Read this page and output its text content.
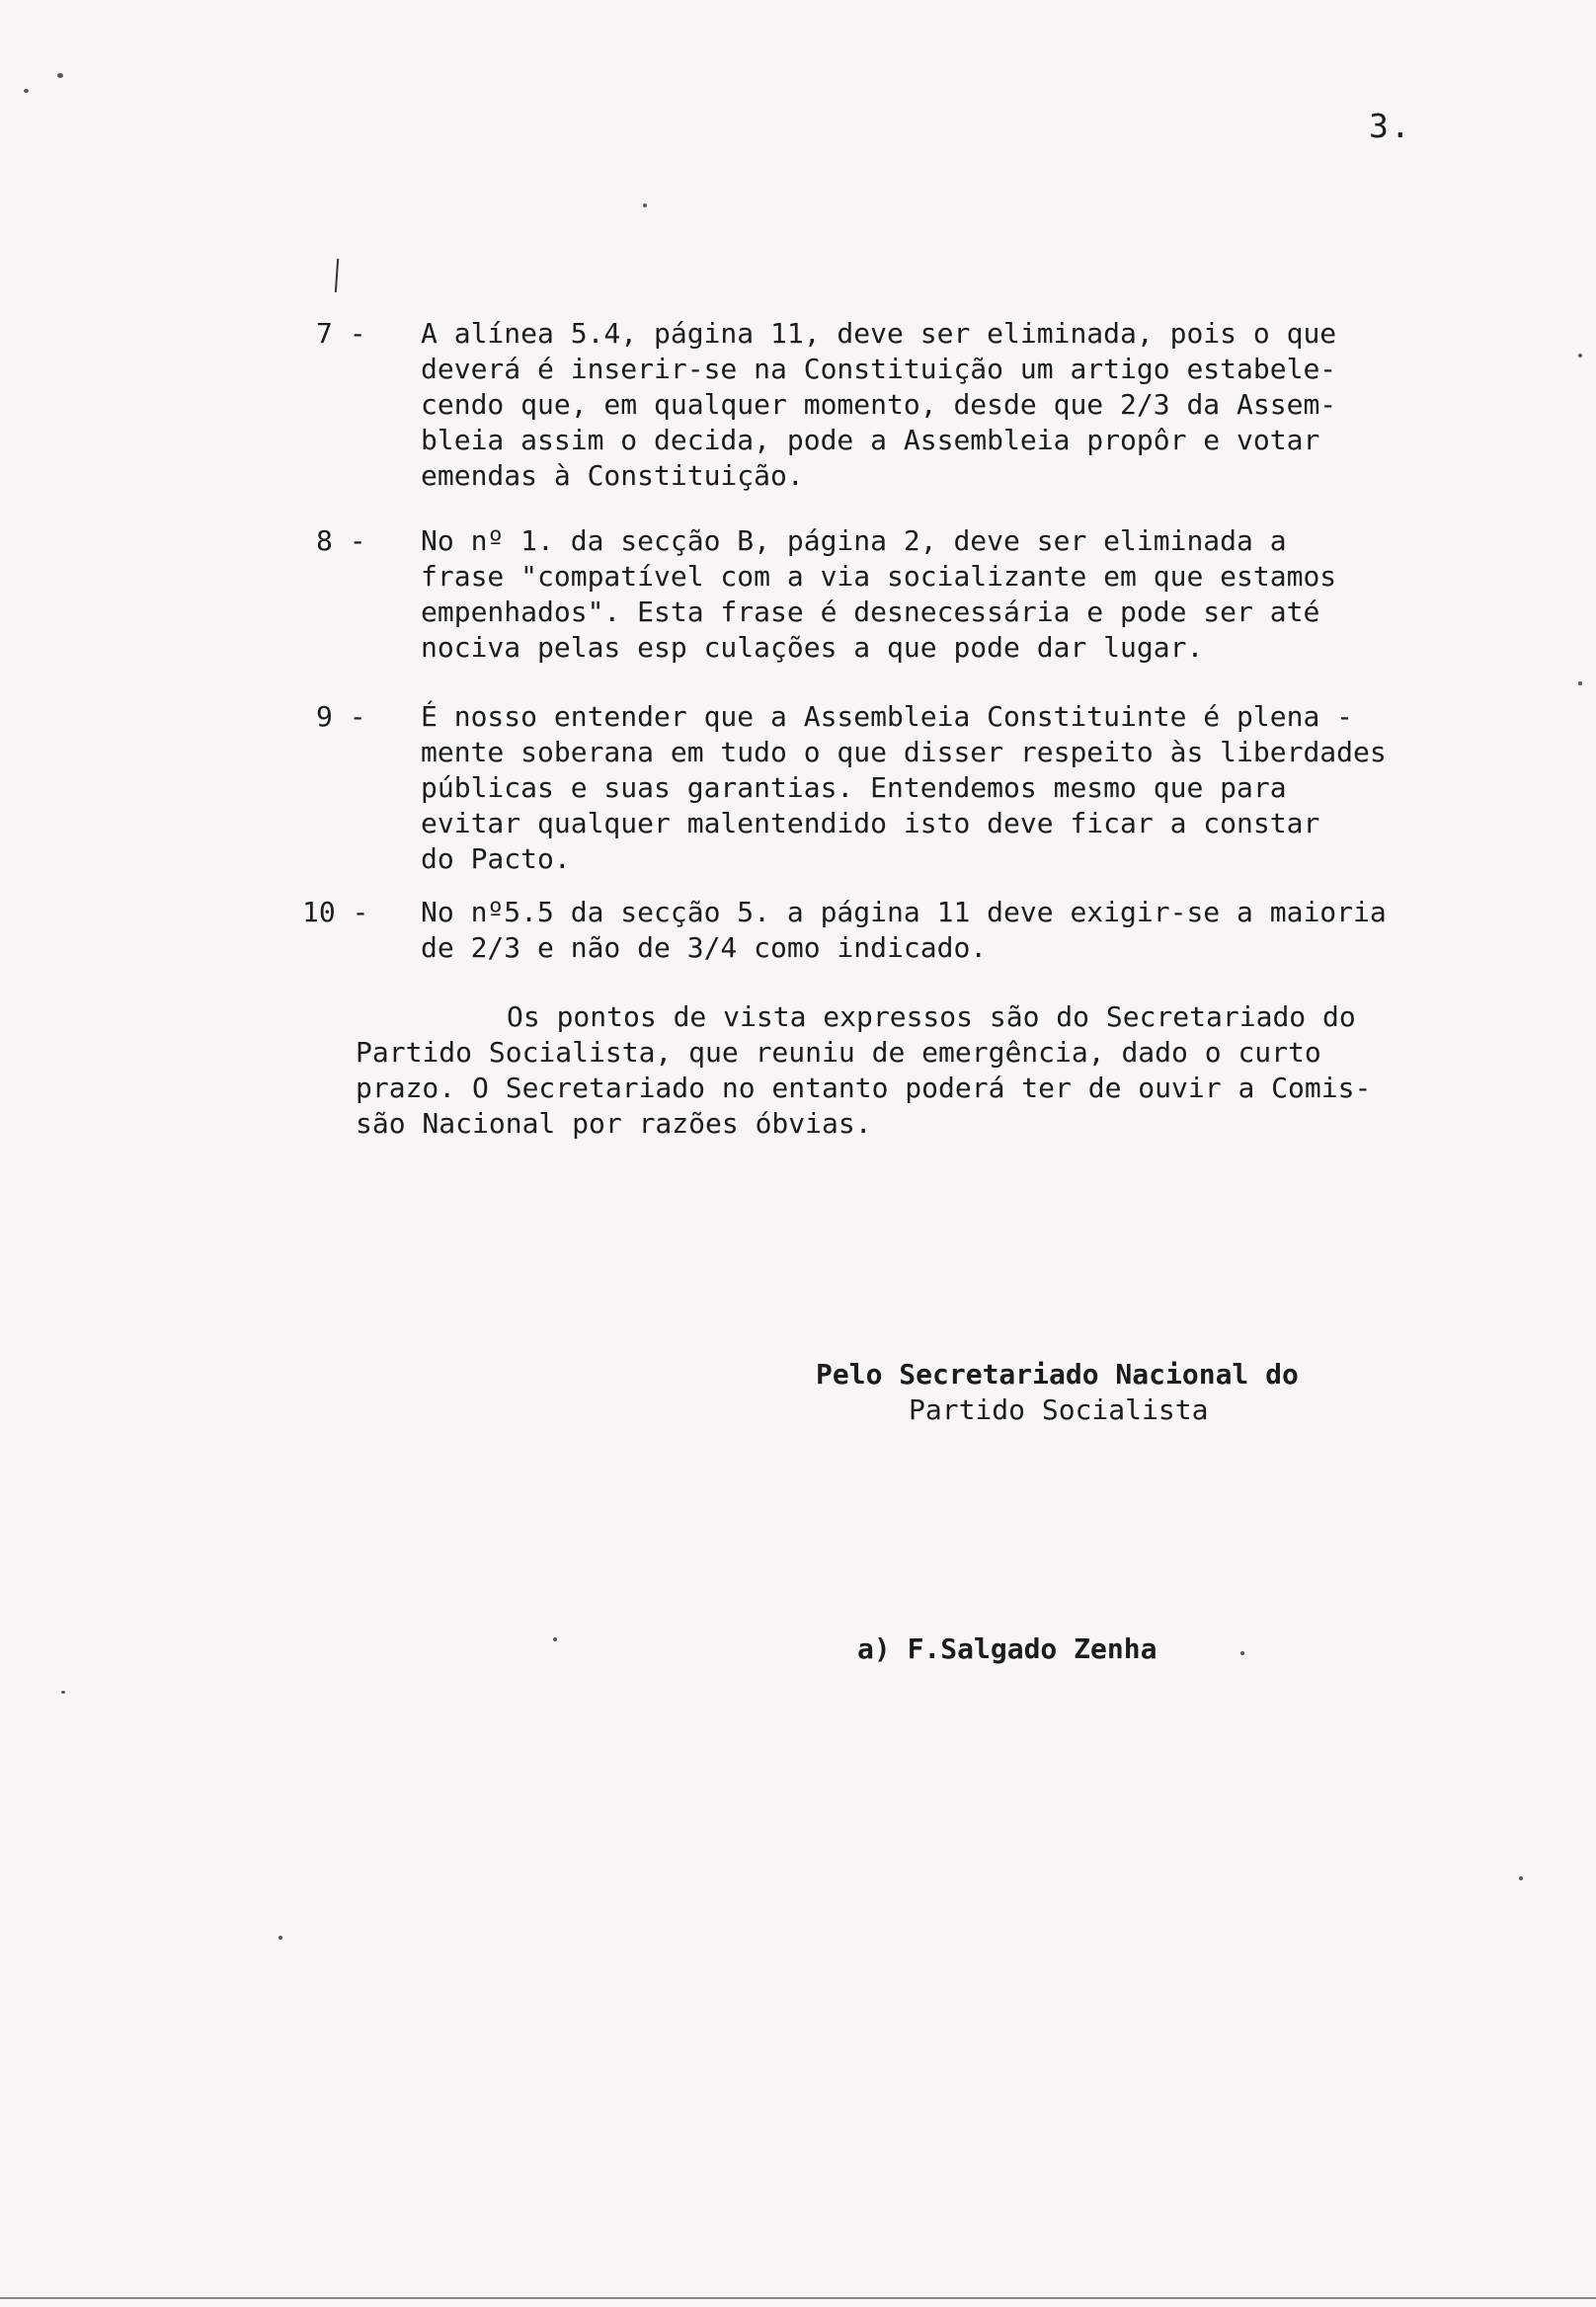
3.
7 -	A alínea 5.4, página 11, deve ser eliminada, pois o que
deverá é inserir-se na Constituição um artigo estabele-
cendo que, em qualquer momento, desde que 2/3 da Assem-
bleia assim o decida, pode a Assembleia propôr e votar
emendas à Constituição.
8 -	No nº 1. da secção B, página 2, deve ser eliminada a
frase "compatível com a via socializante em que estamos
empenhados". Esta frase é desnecessária e pode ser até
nociva pelas esp culações a que pode dar lugar.
9 -	É nosso entender que a Assembleia Constituinte é plena -
mente soberana em tudo o que disser respeito às liberdades
públicas e suas garantias. Entendemos mesmo que para
evitar qualquer malentendido isto deve ficar a constar
do Pacto.
10 -	No nº5.5 da secção 5. a página 11 deve exigir-se a maioria
de 2/3 e não de 3/4 como indicado.
Os pontos de vista expressos são do Secretariado do
Partido Socialista, que reuniu de emergência, dado o curto
prazo. O Secretariado no entanto poderá ter de ouvir a Comis-
são Nacional por razões óbvias.
Pelo Secretariado Nacional do
Partido Socialista
a) F.Salgado Zenha
